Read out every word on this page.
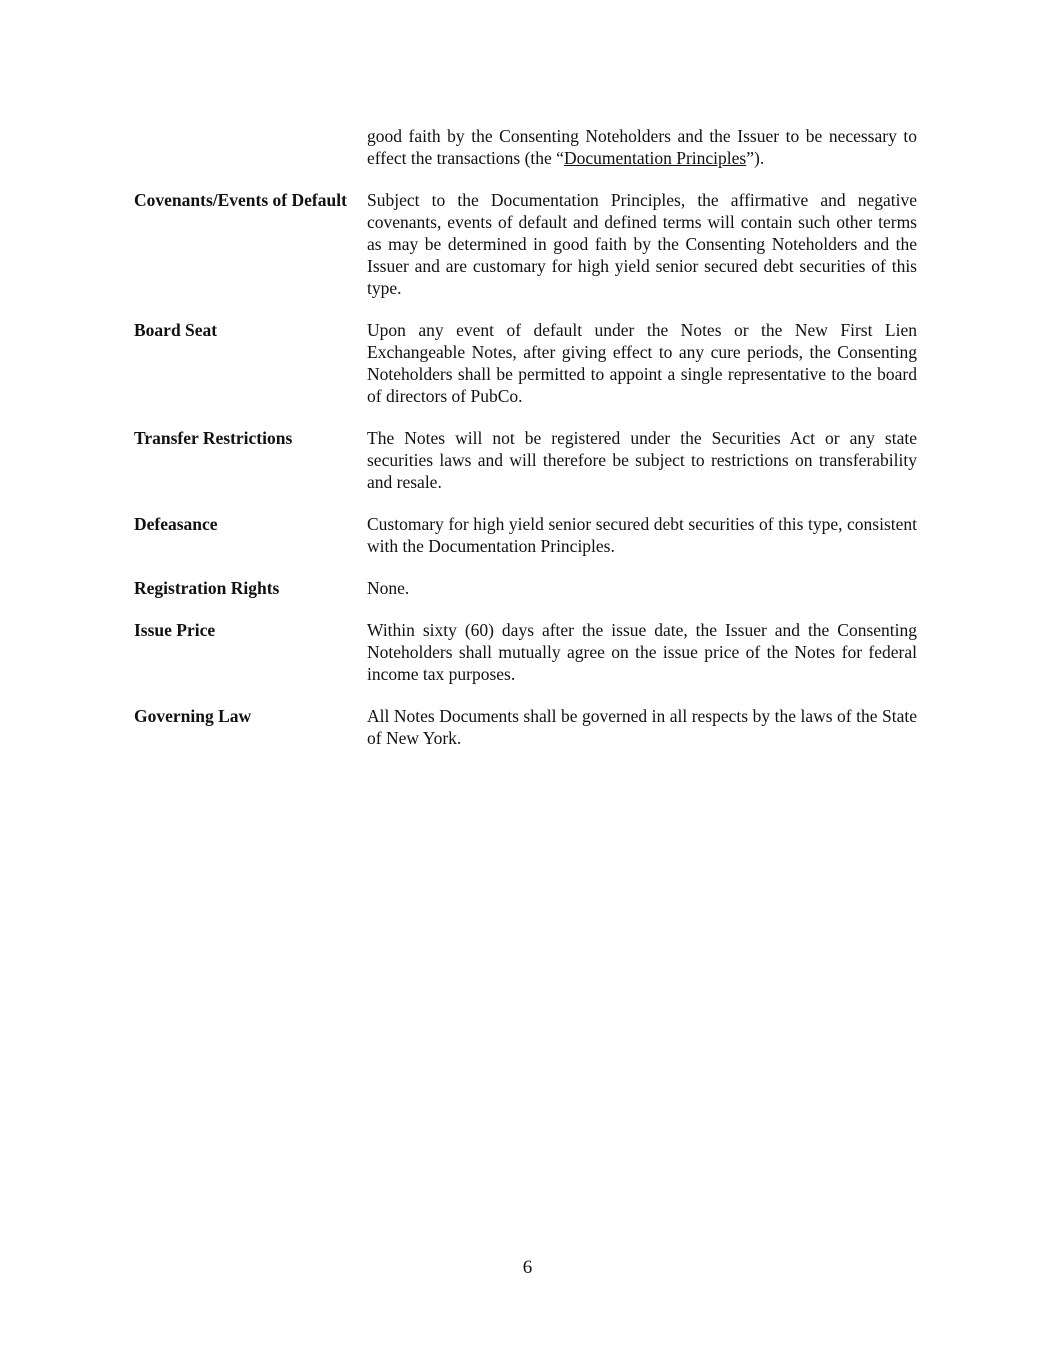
good faith by the Consenting Noteholders and the Issuer to be necessary to effect the transactions (the “Documentation Principles”).
Covenants/Events of Default	Subject to the Documentation Principles, the affirmative and negative covenants, events of default and defined terms will contain such other terms as may be determined in good faith by the Consenting Noteholders and the Issuer and are customary for high yield senior secured debt securities of this type.
Board Seat	Upon any event of default under the Notes or the New First Lien Exchangeable Notes, after giving effect to any cure periods, the Consenting Noteholders shall be permitted to appoint a single representative to the board of directors of PubCo.
Transfer Restrictions	The Notes will not be registered under the Securities Act or any state securities laws and will therefore be subject to restrictions on transferability and resale.
Defeasance	Customary for high yield senior secured debt securities of this type, consistent with the Documentation Principles.
Registration Rights	None.
Issue Price	Within sixty (60) days after the issue date, the Issuer and the Consenting Noteholders shall mutually agree on the issue price of the Notes for federal income tax purposes.
Governing Law	All Notes Documents shall be governed in all respects by the laws of the State of New York.
6
